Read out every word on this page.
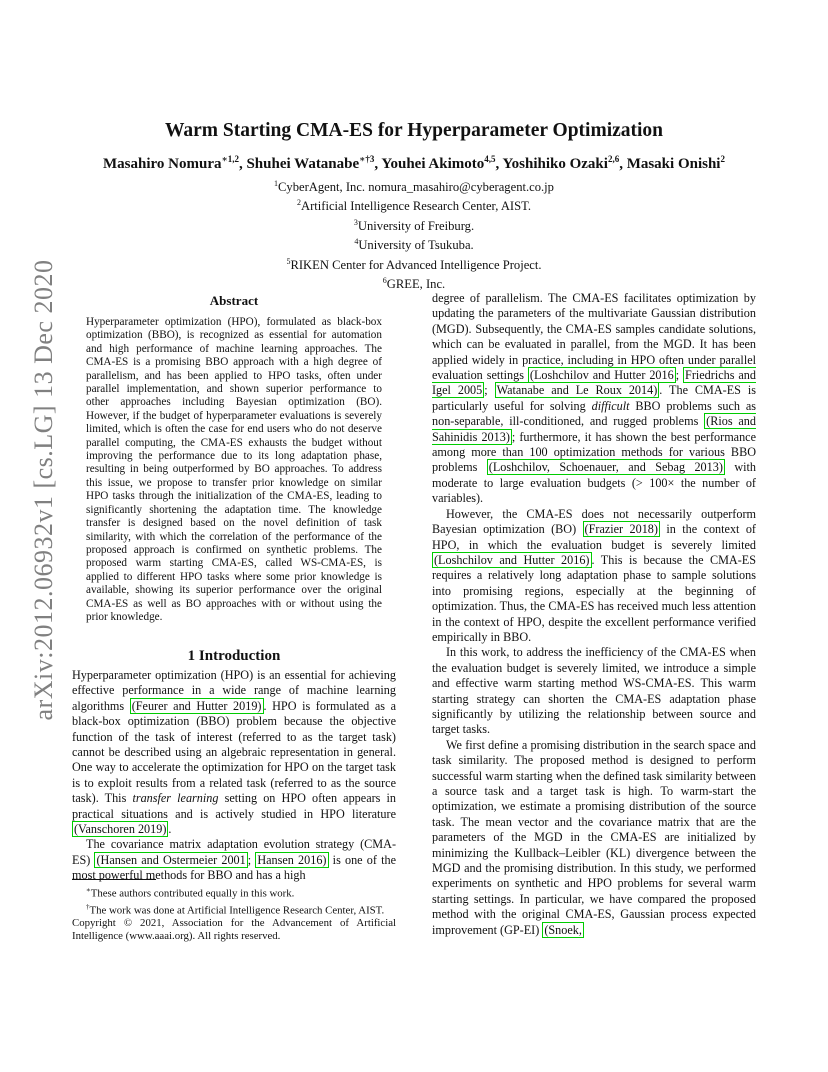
arXiv:2012.06932v1 [cs.LG] 13 Dec 2020
Warm Starting CMA-ES for Hyperparameter Optimization
Masahiro Nomura$^{∗1,2}$, Shuhei Watanabe$^{∗\dagger 3}$, Youhei Akimoto$^{4,5}$, Yoshihiko Ozaki$^{2,6}$, Masaki Onishi$^2$
$^1$CyberAgent, Inc. nomura_masahiro@cyberagent.co.jp
$^2$Artificial Intelligence Research Center, AIST.
$^3$University of Freiburg.
$^4$University of Tsukuba.
$^5$RIKEN Center for Advanced Intelligence Project.
$^6$GREE, Inc.
Abstract
Hyperparameter optimization (HPO), formulated as black-box optimization (BBO), is recognized as essential for automation and high performance of machine learning approaches. The CMA-ES is a promising BBO approach with a high degree of parallelism, and has been applied to HPO tasks, often under parallel implementation, and shown superior performance to other approaches including Bayesian optimization (BO). However, if the budget of hyperparameter evaluations is severely limited, which is often the case for end users who do not deserve parallel computing, the CMA-ES exhausts the budget without improving the performance due to its long adaptation phase, resulting in being outperformed by BO approaches. To address this issue, we propose to transfer prior knowledge on similar HPO tasks through the initialization of the CMA-ES, leading to significantly shortening the adaptation time. The knowledge transfer is designed based on the novel definition of task similarity, with which the correlation of the performance of the proposed approach is confirmed on synthetic problems. The proposed warm starting CMA-ES, called WS-CMA-ES, is applied to different HPO tasks where some prior knowledge is available, showing its superior performance over the original CMA-ES as well as BO approaches with or without using the prior knowledge.
1 Introduction

Hyperparameter optimization (HPO) is an essential for achieving effective performance in a wide range of machine learning algorithms (Feurer and Hutter 2019) . HPO is formulated as a black-box optimization (BBO) problem because the objective function of the task of interest (referred to as the target task) cannot be described using an algebraic representation in general. One way to accelerate the optimization for HPO on the target task is to exploit results from a related task (referred to as the source task). This transfer learning setting on HPO often appears in practical situations and is actively studied in HPO literature (Vanschoren 2019) .

The covariance matrix adaptation evolution strategy (CMA-ES) (Hansen and Ostermeier 2001 ; Hansen 2016) is one of the most powerful methods for BBO and has a high

∗These authors contributed equally in this work.

†The work was done at Artificial Intelligence Research Center, AIST.

Copyright © 2021, Association for the Advancement of Artificial Intelligence (www.aaai.org). All rights reserved.

degree of parallelism. The CMA-ES facilitates optimization by updating the parameters of the multivariate Gaussian distribution (MGD). Subsequently, the CMA-ES samples candidate solutions, which can be evaluated in parallel, from the MGD. It has been applied widely in practice, including in HPO often under parallel evaluation settings (Loshchilov and Hutter 2016 ; Friedrichs and Igel 2005 ; Watanabe and Le Roux 2014) . The CMA-ES is particularly useful for solving difficult BBO problems such as non-separable, ill-conditioned, and rugged problems (Rios and Sahinidis 2013) ; furthermore, it has shown the best performance among more than 100 optimization methods for various BBO problems (Loshchilov, Schoenauer, and Sebag 2013) with moderate to large evaluation budgets (> 100× the number of variables).

However, the CMA-ES does not necessarily outperform Bayesian optimization (BO) (Frazier 2018) in the context of HPO, in which the evaluation budget is severely limited (Loshchilov and Hutter 2016) . This is because the CMA-ES requires a relatively long adaptation phase to sample solutions into promising regions, especially at the beginning of optimization. Thus, the CMA-ES has received much less attention in the context of HPO, despite the excellent performance verified empirically in BBO.

In this work, to address the inefficiency of the CMA-ES when the evaluation budget is severely limited, we introduce a simple and effective warm starting method WS-CMA-ES. This warm starting strategy can shorten the CMA-ES adaptation phase significantly by utilizing the relationship between source and target tasks.

We first define a promising distribution in the search space and task similarity. The proposed method is designed to perform successful warm starting when the defined task similarity between a source task and a target task is high. To warm-start the optimization, we estimate a promising distribution of the source task. The mean vector and the covariance matrix that are the parameters of the MGD in the CMA-ES are initialized by minimizing the Kullback–Leibler (KL) divergence between the MGD and the promising distribution. In this study, we performed experiments on synthetic and HPO problems for several warm starting settings. In particular, we have compared the proposed method with the original CMA-ES, Gaussian process expected improvement (GP-EI) (Snoek,
